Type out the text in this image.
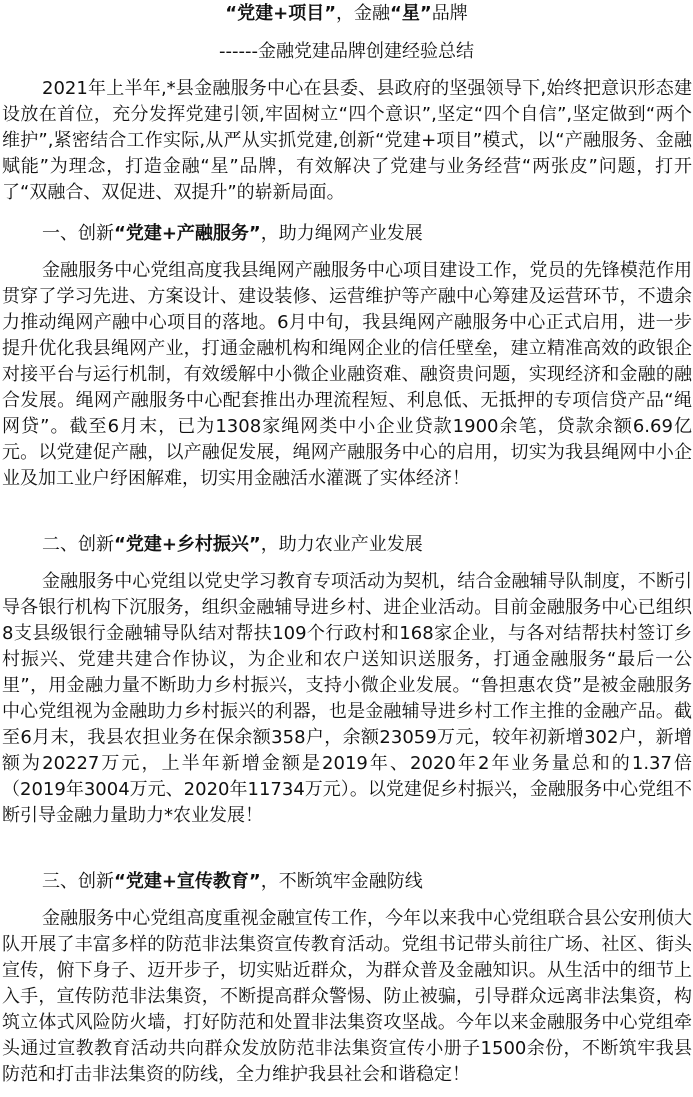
“党建+项目”，金融“星”品牌
------金融党建品牌创建经验总结

2021年上半年,*县金融服务中心在县委、县政府的坚强领导下,始终把意识形态建设放在首位，充分发挥党建引领,牢固树立“四个意识”,坚定“四个自信”,坚定做到“两个维护”,紧密结合工作实际,从严从实抓党建,创新“党建+项目”模式，以“产融服务、金融赋能”为理念，打造金融“星”品牌，有效解决了党建与业务经营“两张皮”问题，打开了“双融合、双促进、双提升”的崭新局面。

一、创新“党建+产融服务”，助力绳网产业发展

金融服务中心党组高度我县绳网产融服务中心项目建设工作，党员的先锋模范作用贯穿了学习先进、方案设计、建设装修、运营维护等产融中心筹建及运营环节，不遗余力推动绳网产融中心项目的落地。6月中旬，我县绳网产融服务中心正式启用，进一步提升优化我县绳网产业，打通金融机构和绳网企业的信任壁垒，建立精准高效的政银企对接平台与运行机制，有效缓解中小微企业融资难、融资贵问题，实现经济和金融的融合发展。绳网产融服务中心配套推出办理流程短、利息低、无抵押的专项信贷产品“绳网贷”。截至6月末，已为1308家绳网类中小企业贷款1900余笔，贷款余额6.69亿元。以党建促产融，以产融促发展，绳网产融服务中心的启用，切实为我县绳网中小企业及加工业户纾困解难，切实用金融活水灌溉了实体经济！

二、创新“党建+乡村振兴”，助力农业产业发展

金融服务中心党组以党史学习教育专项活动为契机，结合金融辅导队制度，不断引导各银行机构下沉服务，组织金融辅导进乡村、进企业活动。目前金融服务中心已组织8支县级银行金融辅导队结对帮扶109个行政村和168家企业，与各对结帮扶村签订乡村振兴、党建共建合作协议，为企业和农户送知识送服务，打通金融服务“最后一公里”，用金融力量不断助力乡村振兴，支持小微企业发展。“鲁担惠农贷”是被金融服务中心党组视为金融助力乡村振兴的利器，也是金融辅导进乡村工作主推的金融产品。截至6月末，我县农担业务在保余额358户，余额23059万元，较年初新增302户，新增额为20227万元，上半年新增金额是2019年、2020年2年业务量总和的1.37倍（2019年3004万元、2020年11734万元）。以党建促乡村振兴，金融服务中心党组不断引导金融力量助力*农业发展！

三、创新“党建+宣传教育”，不断筑牢金融防线

金融服务中心党组高度重视金融宣传工作，今年以来我中心党组联合县公安刑侦大队开展了丰富多样的防范非法集资宣传教育活动。党组书记带头前往广场、社区、街头宣传，俯下身子、迈开步子，切实贴近群众，为群众普及金融知识。从生活中的细节上入手，宣传防范非法集资，不断提高群众警惕、防止被骗，引导群众远离非法集资，构筑立体式风险防火墙，打好防范和处置非法集资攻坚战。今年以来金融服务中心党组牵头通过宣教教育活动共向群众发放防范非法集资宣传小册子1500余份，不断筑牢我县防范和打击非法集资的防线，全力维护我县社会和谐稳定！
